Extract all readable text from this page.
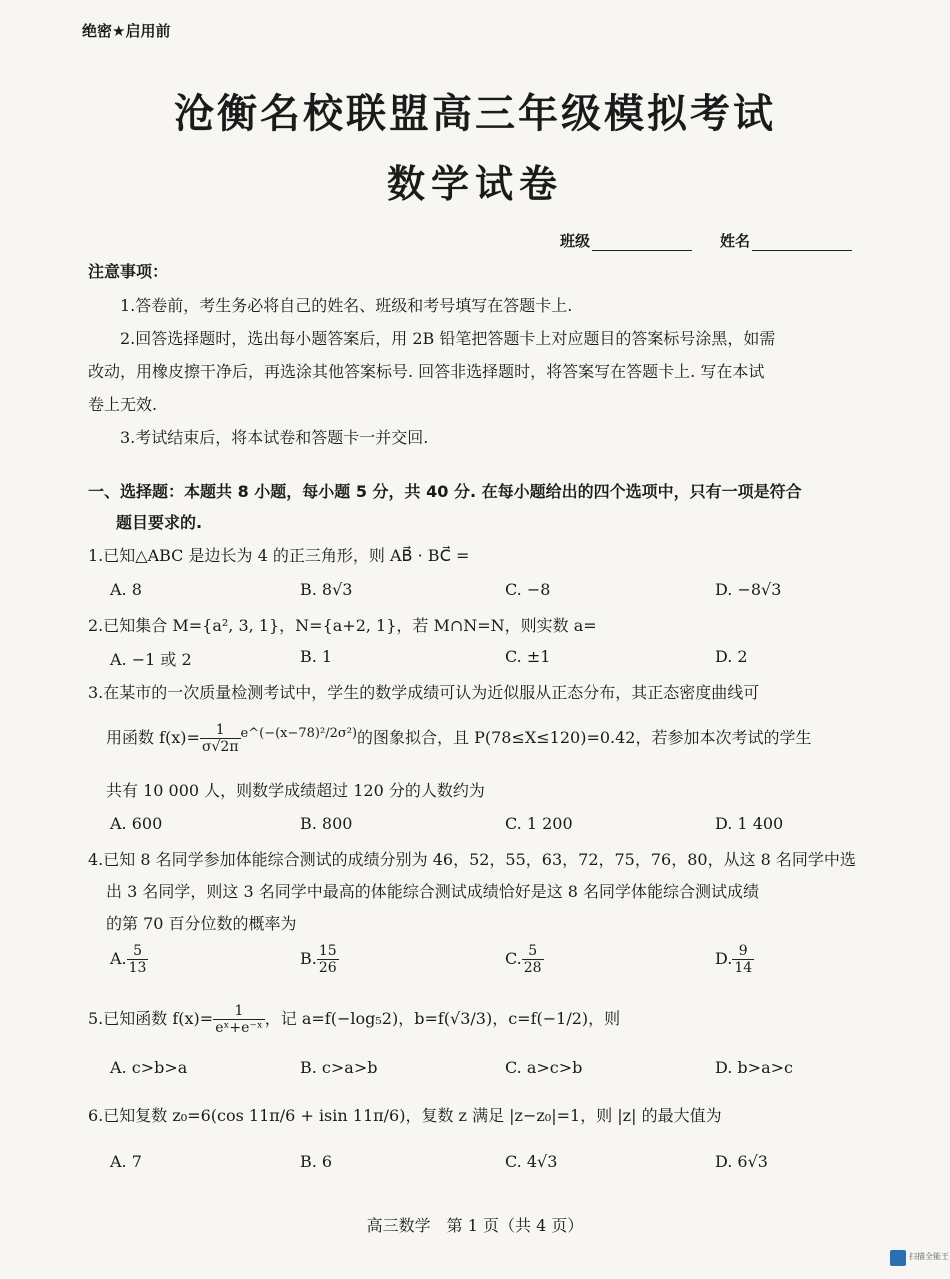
绝密★启用前
沧衡名校联盟高三年级模拟考试
数学试卷
班级	姓名
注意事项：
1.答卷前，考生务必将自己的姓名、班级和考号填写在答题卡上.
2.回答选择题时，选出每小题答案后，用 2B 铅笔把答题卡上对应题目的答案标号涂黑，如需
改动，用橡皮擦干净后，再选涂其他答案标号. 回答非选择题时，将答案写在答题卡上. 写在本试
卷上无效.
3.考试结束后，将本试卷和答题卡一并交回.
一、选择题：本题共 8 小题，每小题 5 分，共 40 分. 在每小题给出的四个选项中，只有一项是符合
题目要求的.
1.已知△ABC 是边长为 4 的正三角形，则 AB⃗ · BC⃗ =
A. 8	B. 8√3	C. −8	D. −8√3
2.已知集合 M={a², 3, 1}，N={a+2, 1}，若 M∩N=N，则实数 a=
A. −1 或 2	B. 1	C. ±1	D. 2
3.在某市的一次质量检测考试中，学生的数学成绩可认为近似服从正态分布，其正态密度曲线可
用函数 $f(x)= \frac{1}{\sigma√2\pi} ^{e\^{}(-(x-78)^2/2\sigma^2)}$的图象拟合，且 P(78≤X≤120)=0.42，若参加本次考试的学生
共有 10 000 人，则数学成绩超过 120 分的人数约为
A. 600	B. 800	C. 1 200	D. 1 400
4.已知 8 名同学参加体能综合测试的成绩分别为 46，52，55，63，72，75，76，80，从这 8 名同学中选
出 3 名同学，则这 3 名同学中最高的体能综合测试成绩恰好是这 8 名同学体能综合测试成绩
的第 70 百分位数的概率为
A. $\frac{5}{13}$	B. $\frac{15}{26}$	C. $\frac{5}{28}$	D. $\frac{9}{14}$
5.已知函数 $f(x)= \frac{1}{\text{eˣ+e⁻ˣ}}$ ，记 a=f(−log₅2)，b=f(√3/3)，c=f(−1/2)，则
A. c>b>a	B. c>a>b	C. a>c>b	D. b>a>c
6.已知复数 z₀=6(cos 11π/6 + isin 11π/6)，复数 z 满足 |z−z₀|=1，则 |z| 的最大值为
A. 7	B. 6	C. 4√3	D. 6√3
高三数学　第 1 页（共 4 页）
扫描全能王
